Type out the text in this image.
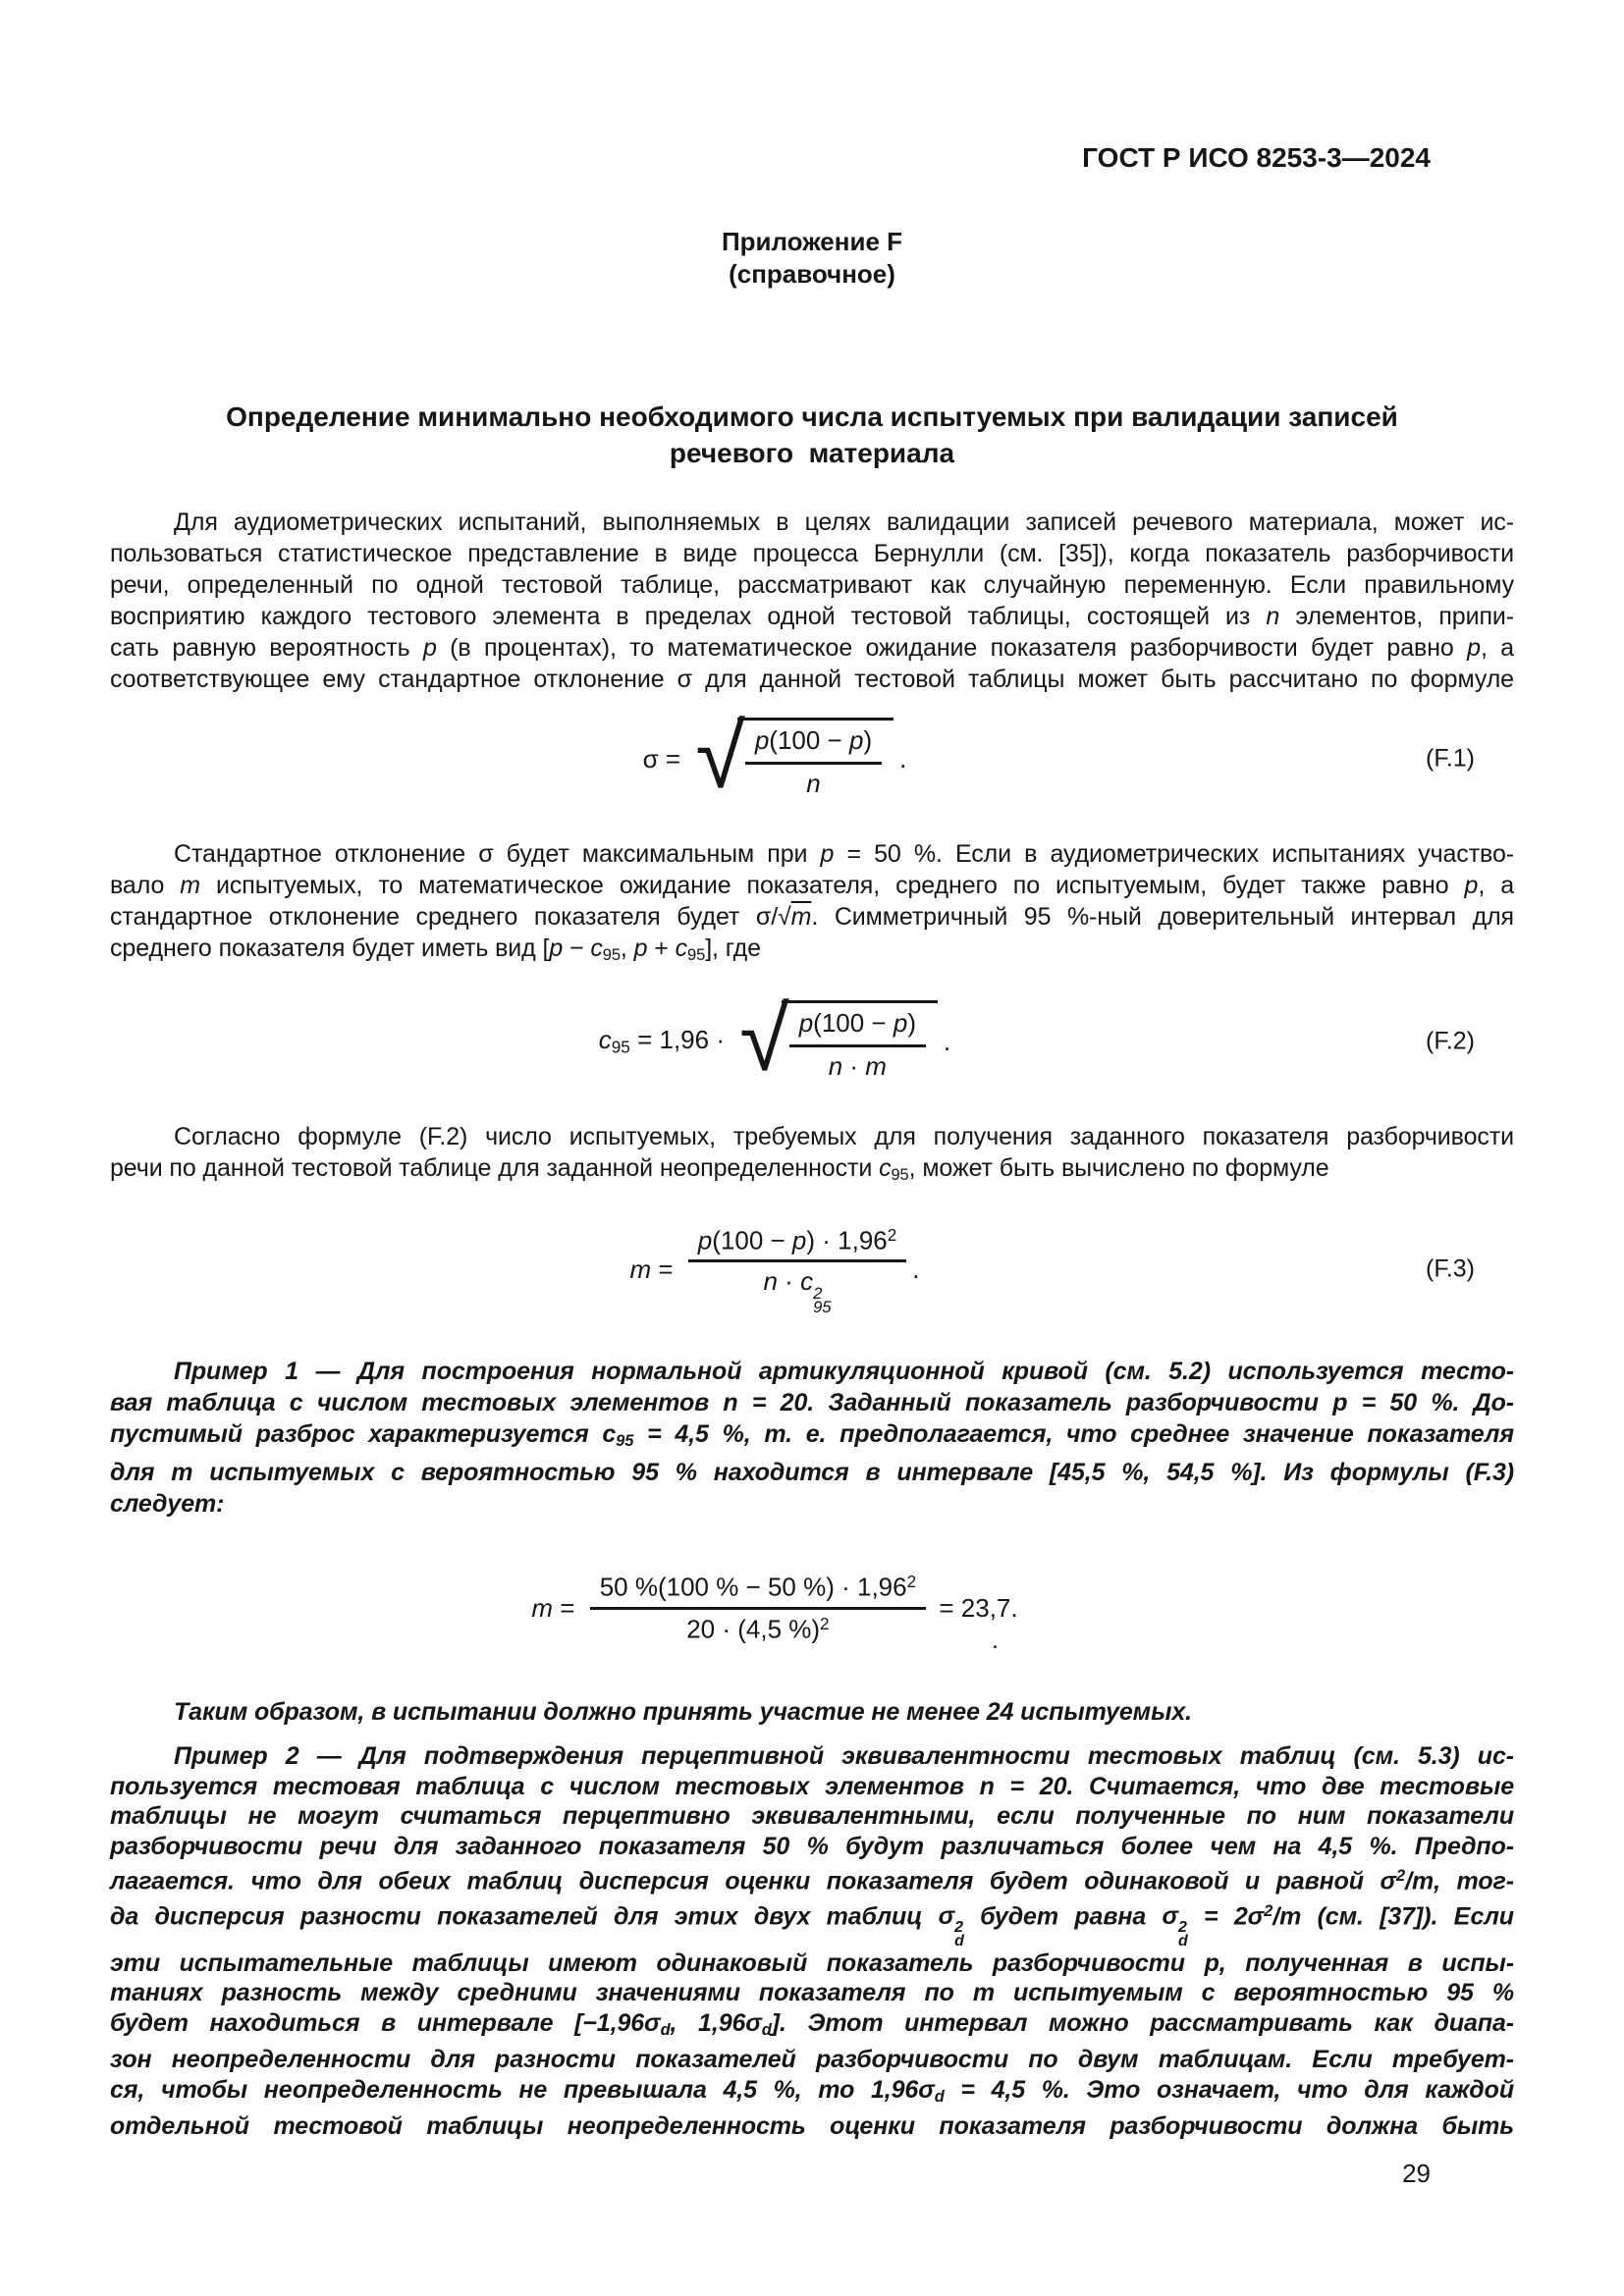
ГОСТ Р ИСО 8253-3—2024
Приложение F
(справочное)
Определение минимально необходимого числа испытуемых при валидации записей
речевого  материала
Для аудиометрических испытаний, выполняемых в целях валидации записей речевого материала, может ис-
пользоваться статистическое представление в виде процесса Бернулли (см. [35]), когда показатель разборчивости
речи, определенный по одной тестовой таблице, рассматривают как случайную переменную. Если правильному
восприятию каждого тестового элемента в пределах одной тестовой таблицы, состоящей из n элементов, припи-
сать равную вероятность p (в процентах), то математическое ожидание показателя разборчивости будет равно p, а
соответствующее ему стандартное отклонение σ для данной тестовой таблицы может быть рассчитано по формуле
σ = √ $\frac{p(100 - p)}{n}$ .	(F.1)
Стандартное отклонение σ будет максимальным при p = 50 %. Если в аудиометрических испытаниях участво-
вало m испытуемых, то математическое ожидание показателя, среднего по испытуемым, будет также равно p, а
стандартное отклонение среднего показателя будет σ/√m. Симметричный 95 %-ный доверительный интервал для
среднего показателя будет иметь вид [$p - c_{95}$, $p + c_{95}$], где
$c_{95} = 1,96$ · √ $\frac{p(100 - p)}{n \cdot m}$ .	(F.2)
Согласно формуле (F.2) число испытуемых, требуемых для получения заданного показателя разборчивости
речи по данной тестовой таблице для заданной неопределенности $c_{95}$, может быть вычислено по формуле
$m = p(100 - p) \cdot 1,96^2$
n · c 2
95 .	(F.3)
Пример 1 — Для построения нормальной артикуляционной кривой (см. 5.2) используется тесто-
вая таблица с числом тестовых элементов n = 20. Заданный показатель разборчивости p = 50 %. До-
пустимый разброс характеризуется $c_{95} = 4,5$ %, т. е. предполагается, что среднее значение показателя
для m испытуемых с вероятностью 95 % находится в интервале [45,5 %, 54,5 %]. Из формулы (F.3)
следует:
$m = \frac{50 \%(100 \% - 50 \%) \cdot 1,96^2}{20 \cdot (4,5 \%)^2} = 23,7$.
.
Таким образом, в испытании должно принять участие не менее 24 испытуемых.
Пример 2 — Для подтверждения перцептивной эквивалентности тестовых таблиц (см. 5.3) ис-
пользуется тестовая таблица с числом тестовых элементов n = 20. Считается, что две тестовые
таблицы не могут считаться перцептивно эквивалентными, если полученные по ним показатели
разборчивости речи для заданного показателя 50 % будут различаться более чем на 4,5 %. Предпо-
лагается. что для обеих таблиц дисперсия оценки показателя будет одинаковой и равной $\sigma^2/m$, тог-
да дисперсия разности показателей для этих двух таблиц σ 2
d
будет равна σ 2
d
= $2\sigma^2/m$ (см. [37]). Если
эти испытательные таблицы имеют одинаковый показатель разборчивости p, полученная в испы-
таниях разность между средними значениями показателя по m испытуемым с вероятностью 95 %
будет находиться в интервале [$-1,96\sigma_d$, $1,96\sigma_d$]. Этот интервал можно рассматривать как диапа-
зон неопределенности для разности показателей разборчивости по двум таблицам. Если требует-
ся, чтобы неопределенность не превышала 4,5 %, то $1,96\sigma_d = 4,5$ %. Это означает, что для каждой
отдельной тестовой таблицы неопределенность оценки показателя разборчивости должна быть
29
